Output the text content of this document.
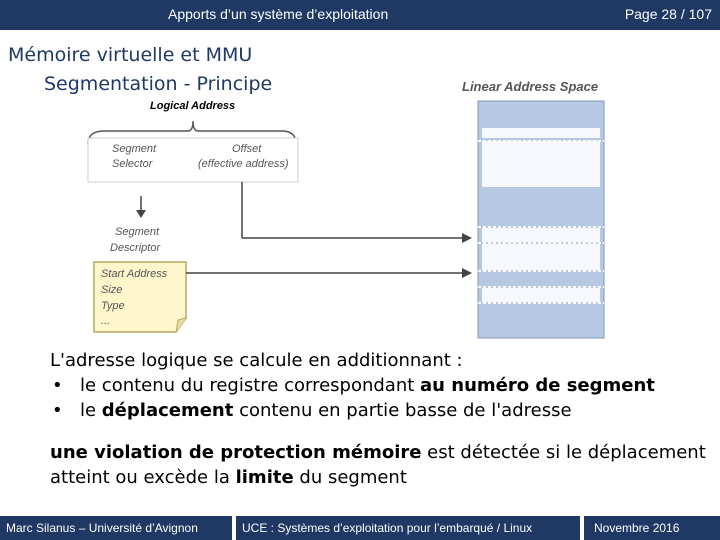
Apports d’un système d’exploitation	Page 28 / 107
Mémoire virtuelle et MMU
Segmentation - Principe
Logical Address
Segment
Selector
Offset
(effective address)
Segment
Descriptor
Start Address
Size
Type
...
Linear Address Space

L'adresse logique se calcule en additionnant :

• le contenu du registre correspondant au numéro de segment

• le déplacement contenu en partie basse de l'adresse

une violation de protection mémoire est détectée si le déplacement atteint ou excède la limite du segment

Marc Silanus – Université d’Avignon	UCE : Systèmes d’exploitation pour l’embarqué / Linux	Novembre 2016
